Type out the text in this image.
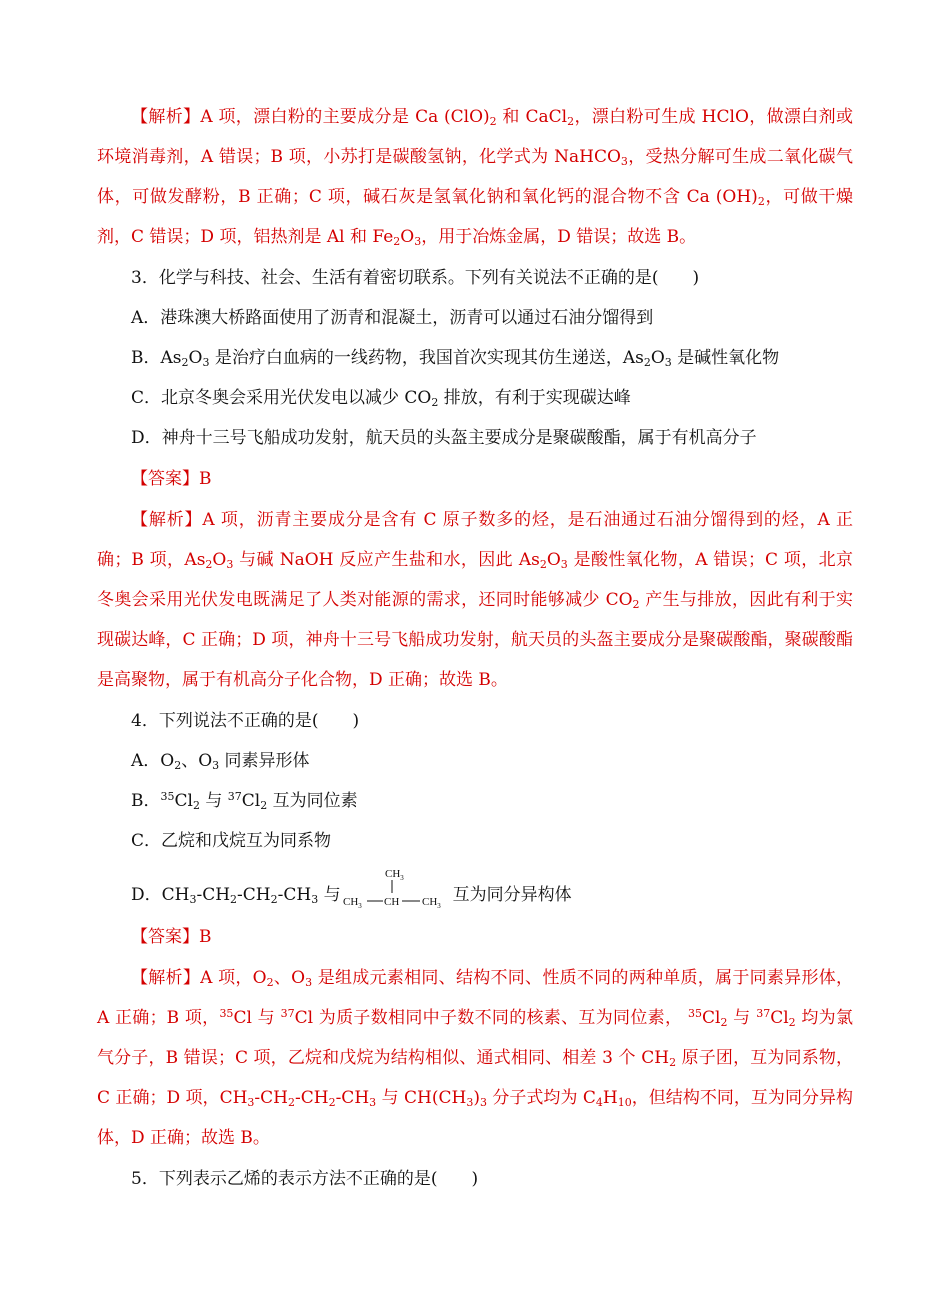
【解析】A 项，漂白粉的主要成分是 Ca $(ClO)_2$ 和 CaCl$_2$，漂白粉可生成 HClO，做漂白剂或环境消毒剂，A 错误；B 项，小苏打是碳酸氢钠，化学式为 NaHCO$_3$，受热分解可生成二氧化碳气体，可做发酵粉，B 正确；C 项，碱石灰是氢氧化钠和氧化钙的混合物不含 Ca $(OH)_2$，可做干燥剂，C 错误；D 项，铝热剂是 Al 和 $Fe_2O_3$，用于冶炼金属，D 错误；故选 B。

3．化学与科技、社会、生活有着密切联系。下列有关说法不正确的是(　　)

A．港珠澳大桥路面使用了沥青和混凝土，沥青可以通过石油分馏得到

B．$As_2O_3$ 是治疗白血病的一线药物，我国首次实现其仿生递送，$As_2O_3$ 是碱性氧化物

C．北京冬奥会采用光伏发电以减少 $CO_2$ 排放，有利于实现碳达峰

D．神舟十三号飞船成功发射，航天员的头盔主要成分是聚碳酸酯，属于有机高分子

【答案】B

【解析】A 项，沥青主要成分是含有 C 原子数多的烃，是石油通过石油分馏得到的烃，A 正确；B 项，$As_2O_3$ 与碱 NaOH 反应产生盐和水，因此 $As_2O_3$ 是酸性氧化物，A 错误；C 项，北京冬奥会采用光伏发电既满足了人类对能源的需求，还同时能够减少 $CO_2$ 产生与排放，因此有利于实现碳达峰，C 正确；D 项，神舟十三号飞船成功发射，航天员的头盔主要成分是聚碳酸酯，聚碳酸酯是高聚物，属于有机高分子化合物，D 正确；故选 B。

4．下列说法不正确的是(　　)

A．$O_2$、$O_3$ 同素异形体

B．$^{35}Cl_2$ 与 $^{37}Cl_2$ 互为同位素

C．乙烷和戊烷互为同系物

D．$CH_3-CH_2-CH_2-CH_3$ 与
$CH_3$
$CH_3$ CH $CH_3$
互为同分异构体

【答案】B

【解析】A 项，$O_2$、$O_3$ 是组成元素相同、结构不同、性质不同的两种单质，属于同素异形体，A 正确；B 项，$^{35}$Cl 与 $^{37}$Cl 为质子数相同中子数不同的核素、互为同位素， $^{35}Cl_2$ 与 $^{37}Cl_2$ 均为氯气分子，B 错误；C 项，乙烷和戊烷为结构相似、通式相同、相差 3 个 $CH_2$ 原子团，互为同系物，C 正确；D 项，$CH_3-CH_2-CH_2-CH_3$ 与 $CH(CH_3)_3$ 分子式均为 $C_4H_{10}$，但结构不同，互为同分异构体，D 正确；故选 B。

5．下列表示乙烯的表示方法不正确的是(　　)
